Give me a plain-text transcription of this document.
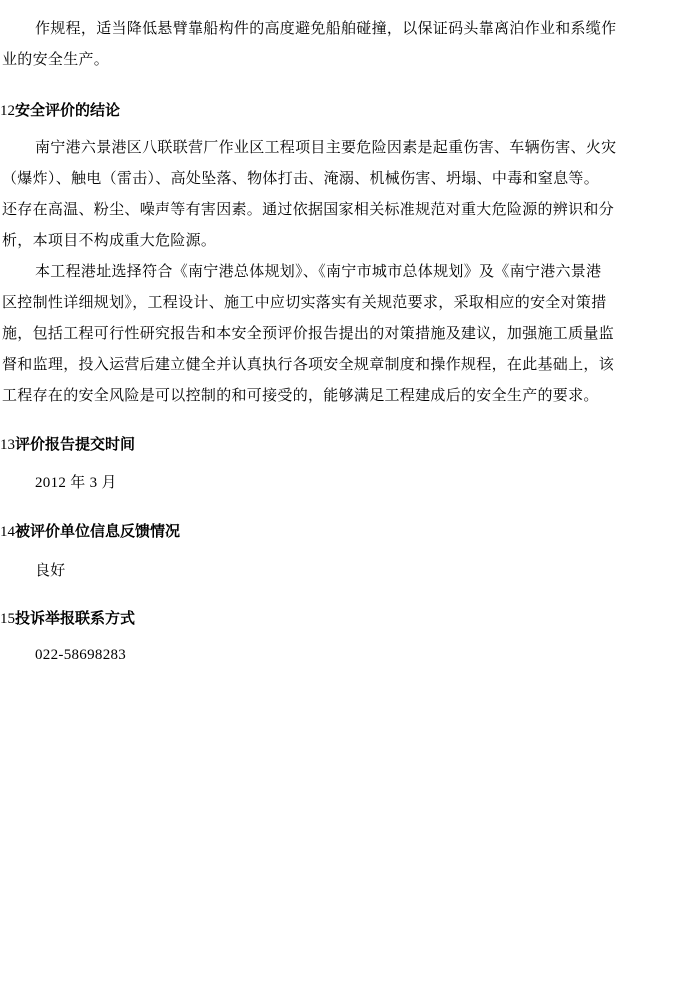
作规程，适当降低悬臂靠船构件的高度避免船舶碰撞，以保证码头靠离泊作业和系缆作
业的安全生产。
12安全评价的结论
南宁港六景港区八联联营厂作业区工程项目主要危险因素是起重伤害、车辆伤害、火灾
（爆炸）、触电（雷击）、高处坠落、物体打击、淹溺、机械伤害、坍塌、中毒和窒息等。
还存在高温、粉尘、噪声等有害因素。通过依据国家相关标准规范对重大危险源的辨识和分
析，本项目不构成重大危险源。
本工程港址选择符合《南宁港总体规划》、《南宁市城市总体规划》及《南宁港六景港
区控制性详细规划》，工程设计、施工中应切实落实有关规范要求，采取相应的安全对策措
施，包括工程可行性研究报告和本安全预评价报告提出的对策措施及建议，加强施工质量监
督和监理，投入运营后建立健全并认真执行各项安全规章制度和操作规程，在此基础上，该
工程存在的安全风险是可以控制的和可接受的，能够满足工程建成后的安全生产的要求。
13评价报告提交时间
2012 年 3 月
14被评价单位信息反馈情况
良好
15投诉举报联系方式
022-58698283
